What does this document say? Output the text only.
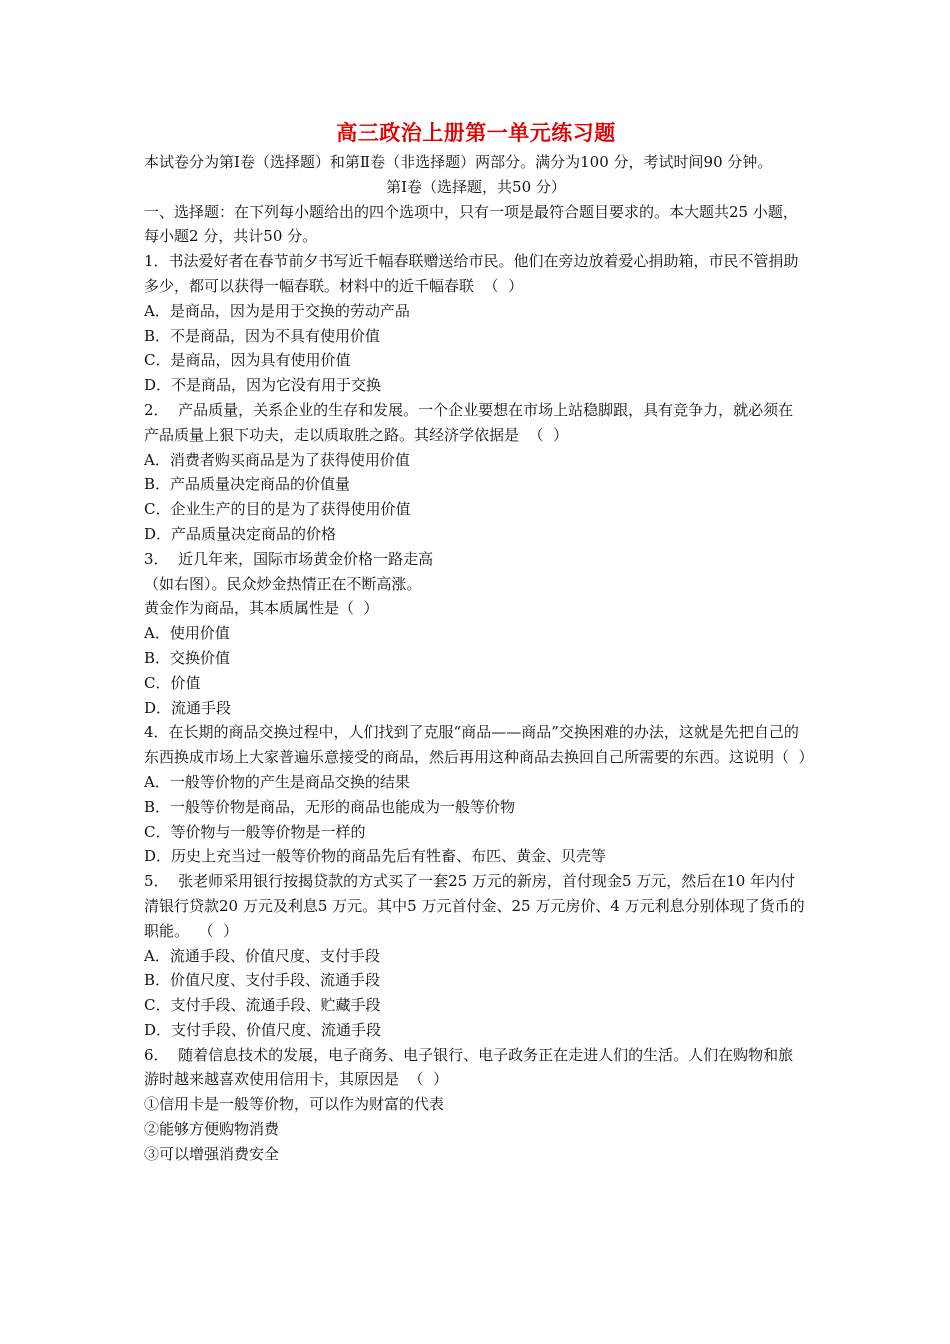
高三政治上册第一单元练习题
本试卷分为第Ⅰ卷（选择题）和第Ⅱ卷（非选择题）两部分。满分为100 分，考试时间90 分钟。
第Ⅰ卷（选择题，共50 分）
一、选择题：在下列每小题给出的四个选项中，只有一项是最符合题目要求的。本大题共25 小题，每小题2 分，共计50 分。
1．书法爱好者在春节前夕书写近千幅春联赠送给市民。他们在旁边放着爱心捐助箱，市民不管捐助多少，都可以获得一幅春联。材料中的近千幅春联  （  ）
A．是商品，因为是用于交换的劳动产品
B．不是商品，因为不具有使用价值
C．是商品，因为具有使用价值
D．不是商品，因为它没有用于交换
2．  产品质量，关系企业的生存和发展。一个企业要想在市场上站稳脚跟，具有竞争力，就必须在产品质量上狠下功夫，走以质取胜之路。其经济学依据是  （  ）
A．消费者购买商品是为了获得使用价值
B．产品质量决定商品的价值量
C．企业生产的目的是为了获得使用价值
D．产品质量决定商品的价格
3．  近几年来，国际市场黄金价格一路走高
（如右图）。民众炒金热情正在不断高涨。
黄金作为商品，其本质属性是（  ）
A．使用价值
B．交换价值
C．价值
D．流通手段
4．在长期的商品交换过程中，人们找到了克服“商品——商品”交换困难的办法，这就是先把自己的东西换成市场上大家普遍乐意接受的商品，然后再用这种商品去换回自己所需要的东西。这说明（  ）
A．一般等价物的产生是商品交换的结果
B．一般等价物是商品，无形的商品也能成为一般等价物
C．等价物与一般等价物是一样的
D．历史上充当过一般等价物的商品先后有牲畜、布匹、黄金、贝壳等
5．  张老师采用银行按揭贷款的方式买了一套25 万元的新房，首付现金5 万元，然后在10 年内付清银行贷款20 万元及利息5 万元。其中5 万元首付金、25 万元房价、4 万元利息分别体现了货币的职能。  （  ）
A．流通手段、价值尺度、支付手段
B．价值尺度、支付手段、流通手段
C．支付手段、流通手段、贮藏手段
D．支付手段、价值尺度、流通手段
6．  随着信息技术的发展，电子商务、电子银行、电子政务正在走进人们的生活。人们在购物和旅游时越来越喜欢使用信用卡，其原因是  （  ）
①信用卡是一般等价物，可以作为财富的代表
②能够方便购物消费
③可以增强消费安全
